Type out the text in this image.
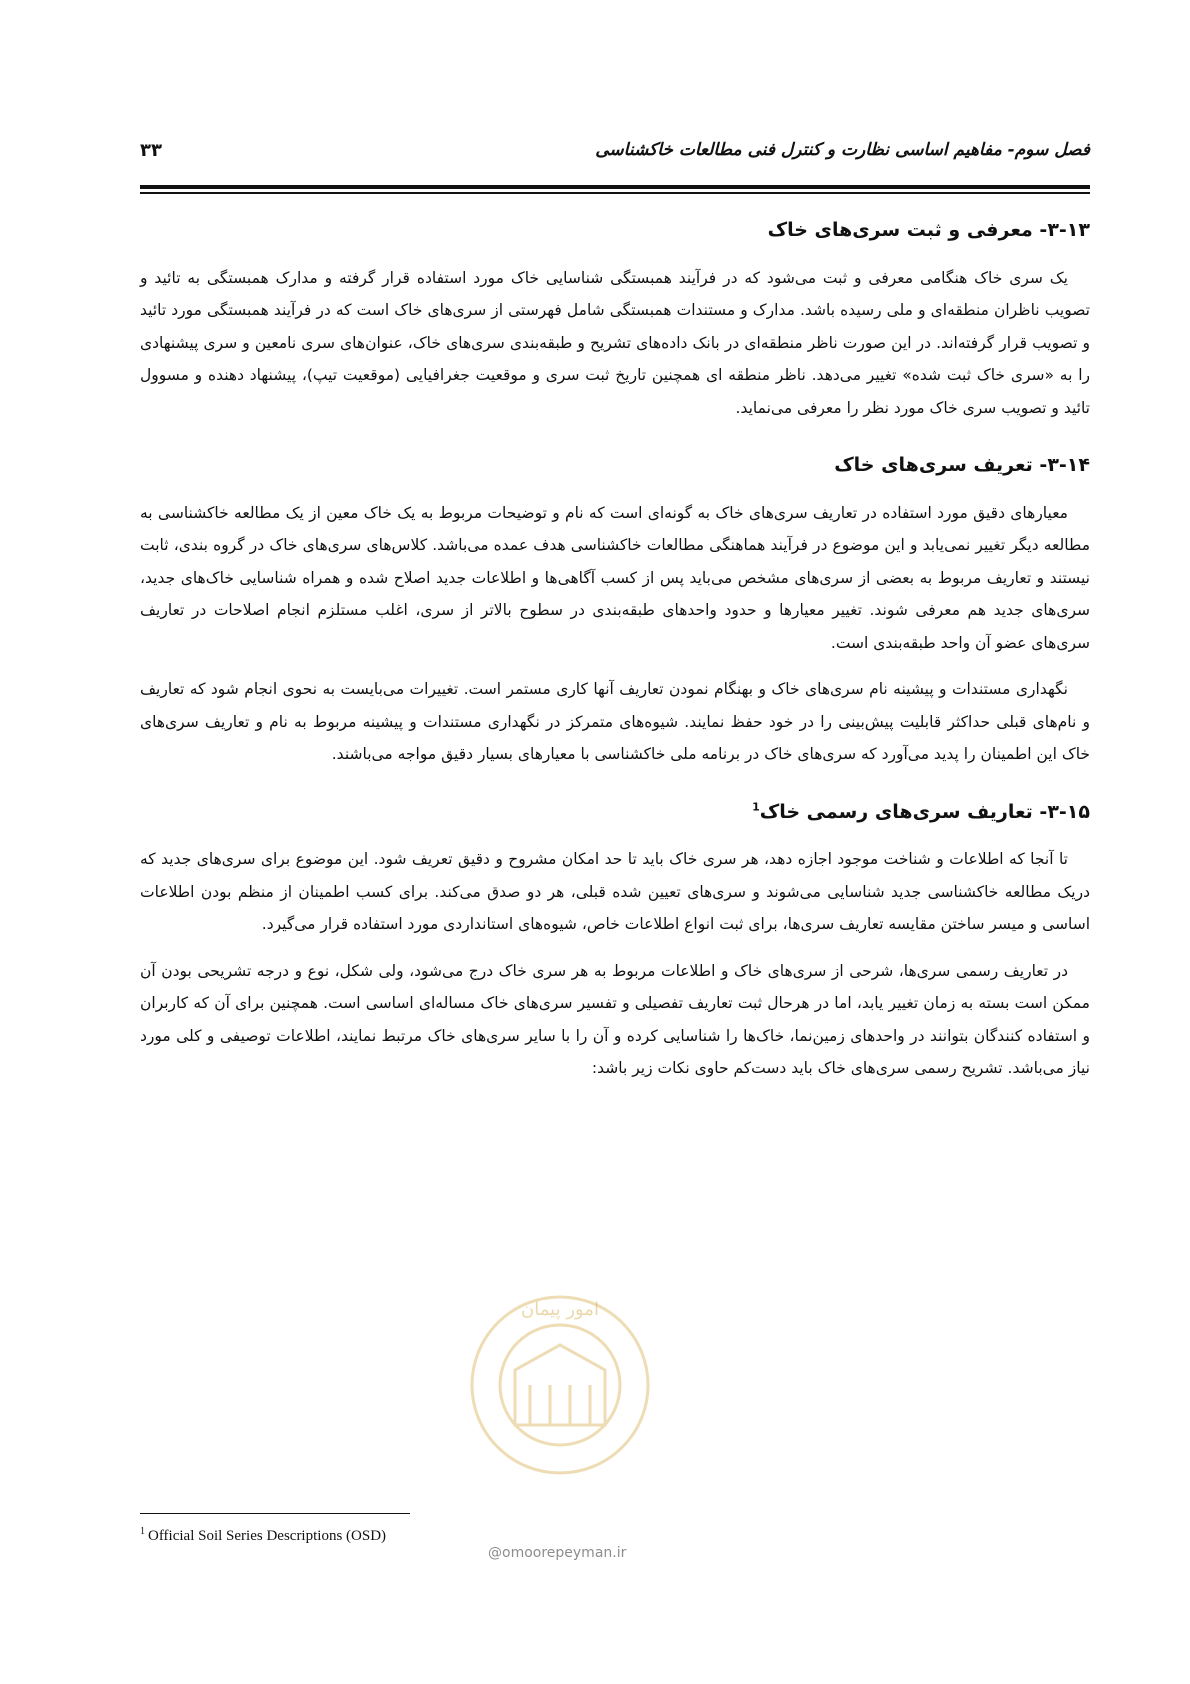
فصل سوم- مفاهیم اساسی نظارت و کنترل فنی مطالعات خاکشناسی
۳۳
۳-۱۳- معرفی و ثبت سری‌های خاک

یک سری خاک هنگامی معرفی و ثبت می‌شود که در فرآیند همبستگی شناسایی خاک مورد استفاده قرار گرفته و مدارک همبستگی به تائید و تصویب ناظران منطقه‌ای و ملی رسیده باشد. مدارک و مستندات همبستگی شامل فهرستی از سری‌های خاک است که در فرآیند همبستگی مورد تائید و تصویب قرار گرفته‌اند. در این صورت ناظر منطقه‌ای در بانک داده‌های تشریح و طبقه‌بندی سری‌های خاک، عنوان‌های سری نامعین و سری پیشنهادی را به «سری خاک ثبت شده» تغییر می‌دهد. ناظر منطقه ای همچنین تاریخ ثبت سری و موقعیت جغرافیایی (موقعیت تیپ)، پیشنهاد دهنده و مسوول تائید و تصویب سری خاک مورد نظر را معرفی می‌نماید.

۳-۱۴- تعریف سری‌های خاک

معیارهای دقیق مورد استفاده در تعاریف سری‌های خاک به گونه‌ای است که نام و توضیحات مربوط به یک خاک معین از یک مطالعه خاکشناسی به مطالعه دیگر تغییر نمی‌یابد و این موضوع در فرآیند هماهنگی مطالعات خاکشناسی هدف عمده می‌باشد. کلاس‌های سری‌های خاک در گروه بندی، ثابت نیستند و تعاریف مربوط به بعضی از سری‌های مشخص می‌باید پس از کسب آگاهی‌ها و اطلاعات جدید اصلاح شده و همراه شناسایی خاک‌های جدید، سری‌های جدید هم معرفی شوند. تغییر معیارها و حدود واحدهای طبقه‌بندی در سطوح بالاتر از سری، اغلب مستلزم انجام اصلاحات در تعاریف سری‌های عضو آن واحد طبقه‌بندی است.

نگهداری مستندات و پیشینه نام سری‌های خاک و بهنگام نمودن تعاریف آنها کاری مستمر است. تغییرات می‌بایست به نحوی انجام شود که تعاریف و نام‌های قبلی حداکثر قابلیت پیش‌بینی را در خود حفظ نمایند. شیوه‌های متمرکز در نگهداری مستندات و پیشینه مربوط به نام و تعاریف سری‌های خاک این اطمینان را پدید می‌آورد که سری‌های خاک در برنامه ملی خاکشناسی با معیارهای بسیار دقیق مواجه می‌باشند.

۳-۱۵- تعاریف سری‌های رسمی خاک$^1$

تا آنجا که اطلاعات و شناخت موجود اجازه دهد، هر سری خاک باید تا حد امکان مشروح و دقیق تعریف شود. این موضوع برای سری‌های جدید که دریک مطالعه خاکشناسی جدید شناسایی می‌شوند و سری‌های تعیین شده قبلی، هر دو صدق می‌کند. برای کسب اطمینان از منظم بودن اطلاعات اساسی و میسر ساختن مقایسه تعاریف سری‌ها، برای ثبت انواع اطلاعات خاص، شیوه‌های استانداردی مورد استفاده قرار می‌گیرد.

در تعاریف رسمی سری‌ها، شرحی از سری‌های خاک و اطلاعات مربوط به هر سری خاک درج می‌شود، ولی شکل، نوع و درجه تشریحی بودن آن ممکن است بسته به زمان تغییر یابد، اما در هرحال ثبت تعاریف تفصیلی و تفسیر سری‌های خاک مساله‌ای اساسی است. همچنین برای آن که کاربران و استفاده کنندگان بتوانند در واحدهای زمین‌نما، خاک‌ها را شناسایی کرده و آن را با سایر سری‌های خاک مرتبط نمایند، اطلاعات توصیفی و کلی مورد نیاز می‌باشد. تشریح رسمی سری‌های خاک باید دست‌کم حاوی نکات زیر باشد:

امور پیمان
@omoorepeyman.ir
$^1$ Official Soil Series Descriptions (OSD)
